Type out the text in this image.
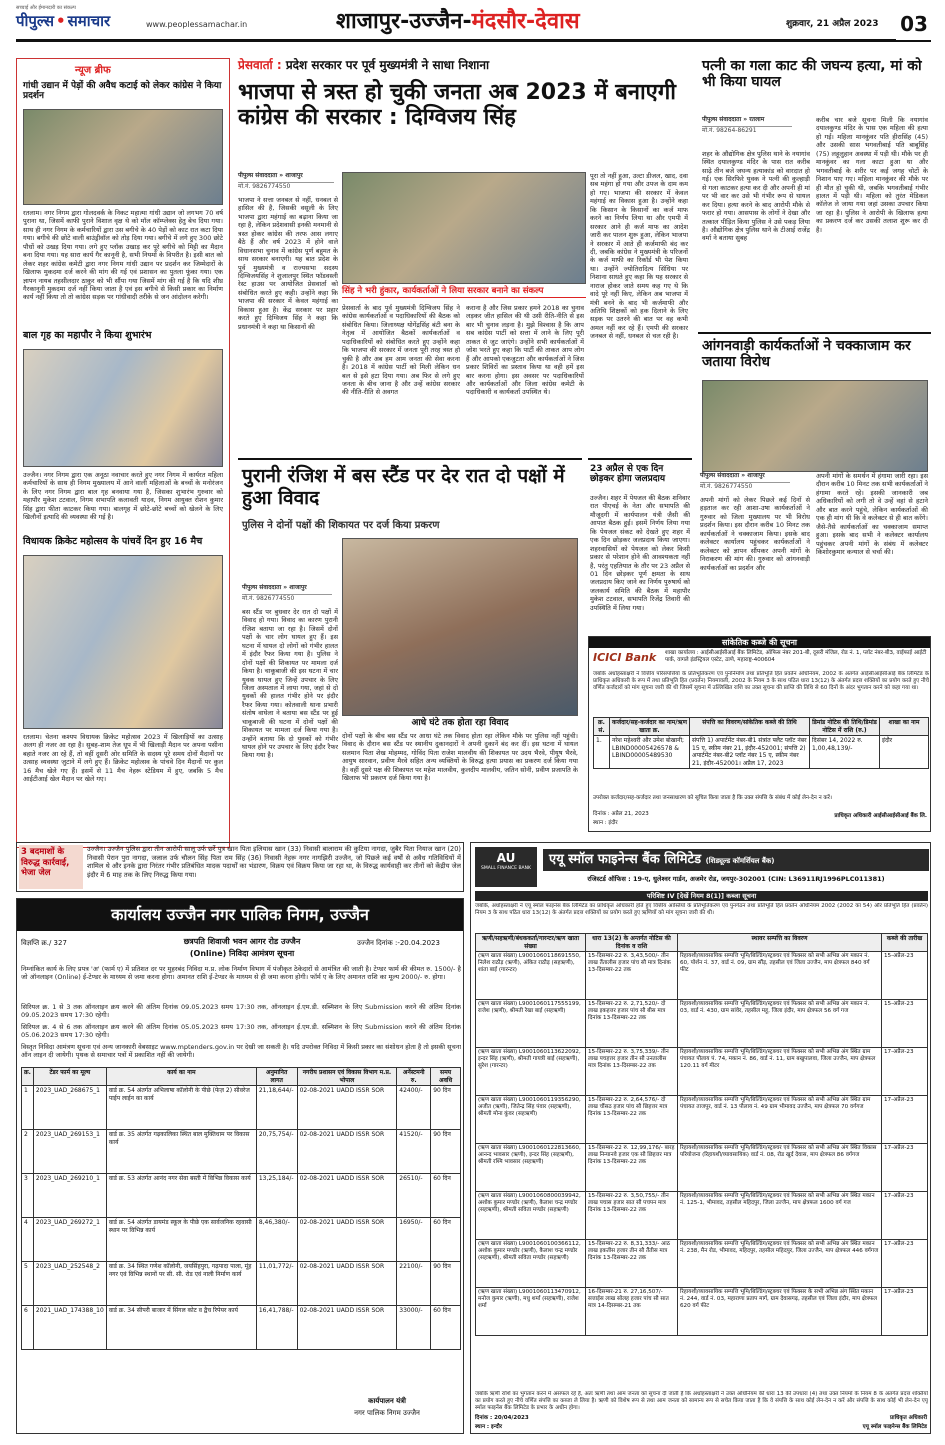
सच्चाई और ईमानदारी का संकल्प
पीपुल्स • समाचार	www.peoplessamachar.in	शाजापुर-उज्जैन-मंदसौर-देवास	शुक्रवार, 21 अप्रैल 2023 03
न्यूज ब्रीफ
गांधी उद्यान में पेड़ों की अवैध कटाई को लेकर कांग्रेस ने किया प्रदर्शन
रतलाम। नगर निगम द्वारा गोलदवर्क के निकट महात्मा गांधी उद्यान जो लगभग 70 वर्ष पुराना था, जिसमें काफी पुराने विशाल वृक्ष थे को मॉल कॉम्प्लेक्स हेतु बेच दिया गया। साथ ही नगर निगम के कर्मचारियों द्वारा उस बगीचे के 40 पेड़ों को काट रात कटा दिया गया। बगीचे की छोटे वाली बाउंड्रीवॉल को तोड़ दिया गया। बगीचे में लगे हुए 300 छोटे पौधों को उखड़ दिया गया। लगे हुए प्लॉक उखाड़ कर पूरे बगीचे को मिट्टी का मैदान बना दिया गया। यह सारा कार्य गैर कानूनी है, सभी नियमों के विपरीत है। इसी बात को लेकर शहर कांग्रेस कमेटी द्वारा नगर निगम गांधी उद्यान पर प्रदर्शन कर जिम्मेदारों के खिलाफ मुकदमा दर्ज करने की मांग की गई एवं प्रशासन का पुतला फूंका गया। एक ज्ञापन नायब तहसीलदार ठाकुर को भी सौंपा गया जिसमें मांग की गई है कि यदि शीघ्र गैरकानूनी मुकदमा दर्ज नहीं किया जाता है एवं इस बगीचे से किसी प्रकार का निर्माण कार्य नहीं किया तो तो कांग्रेस सड़क पर गांधीवादी तरीके से जन आंदोलन करेगी।
बाल गृह का महापौर ने किया शुभारंभ
उज्जैन। नगर निगम द्वारा एक अनूठा नवाचार करते हुए नगर निगम में कार्यरत महिला कर्मचारियों के साथ ही निगम मुख्यालय में आने वाली महिलाओं के बच्चों के मनोरंजन के लिए नगर निगम द्वारा बाल गृह बनवाया गया है, जिसका शुभारंभ गुरुवार को महापौर मुकेश टटवाल, निगम सभापति कलावती यादव, निगम आयुक्त रोशन कुमार सिंह द्वारा फीता काटकर किया गया। बालगृह में छोटे-छोटे बच्चों को खेलने के लिए खिलौनों इत्यादि की व्यवस्था की गई है।
विधायक क्रिकेट महोत्सव के पांचवें दिन हुए 16 मैच
रतलाम। चेतना कश्यप विधायक क्रिकेट महोत्सव 2023 में खिलाड़ियों का उत्साह अलग ही नजर आ रहा है। सुबह-शाम तेज धूप में भी खिलाड़ी मैदान पर अपना पसीना बहाते नजर आ रहे हैं, तो वहीं दूसरी ओर समिति के सदस्य पूरे समय दोनों मैदानों पर उत्साह व्यवस्था जुटाने में लगे हुए हैं। क्रिकेट महोत्सव के पांचवे दिन मैदानों पर कुल 16 मैच खेले गए हैं। इसमें से 11 मैच नेहरू स्टेडियम में हुए, जबकि 5 मैच आईटीआई खेल मैदान पर खेले गए।
प्रेसवार्ता : प्रदेश सरकार पर पूर्व मुख्यमंत्री ने साधा निशाना
भाजपा से त्रस्त हो चुकी जनता अब 2023 में बनाएगी कांग्रेस की सरकार : दिग्विजय सिंह
पीपुल्स संवाददाता » शाजापुर
मो.नं. 9826774550
भाजपा ने सत्ता जनबल से नहीं, धनबल से हासिल की है, जिसकी वसूली के लिए भाजपा द्वारा महंगाई का बढ़ाना किया जा रहा है, लेकिन प्रदेशवासी इनकी मनमानी से त्रस्त होकर कांग्रेस की तरफ आस लगाए बैठे हैं और वर्ष 2023 में होने वाले विधानसभा चुनाव में कांग्रेस पूर्ण बहुमत के साथ सरकार बनाएगी। यह बात प्रदेश के पूर्व मुख्यमंत्री व राज्यसभा सदस्य दिग्विजयसिंह ने शुजालपुर स्थित फॉडवस्ली रेस्ट हाउस पर आयोजित प्रेसवार्ता को संबोधित करते हुए कही। उन्होंने कहा कि भाजपा की सरकार में केवल महंगाई का विकास हुआ है। केंद्र सरकार पर प्रहार करते हुए दिग्विजय सिंह ने कहा कि प्रधानमंत्री ने कहा था किसानों की
सिंह ने भरी हुंकार, कार्यकर्ताओं ने लिया सरकार बनाने का संकल्प
प्रेसवार्ता के बाद पूर्व मुख्यमंत्री दिग्विजय सिंह ने कांग्रेस कार्यकर्ताओं व पदाधिकारियों की बैठक को संबोधित किया। जिलाध्यक्ष योगेंद्रसिंह बंटी बना के नेतृत्व में आयोजित बैठकों कार्यकर्ताओं व पदाधिकारियों को संबोधित करते हुए उन्होंने कहा कि भाजपा की सरकार में जनता पूरी तरह त्रस्त हो चुकी है और अब हम आम जनता की सेवा करना है। 2018 में कांग्रेस पार्टी को मिली लेकिन धन बल से इसे हटा दिया गया। अब फिर से लगे हुए जनता के बीच जाना है और उन्हें कांग्रेस सरकार की नीति-रीति से अवगत
कराना है और जिस प्रकार हमने 2018 का चुनाव लड़कर जीत हासिल की थी उसी रीति-नीति से इस बार भी चुनाव लड़ना है। मुझे विश्वास है कि आप सब कांग्रेस पार्टी को सत्ता में लाने के लिए पूरी ताकत से जुट जाएंगे। उन्होंने सभी कार्यकर्ताओं में जोश भरते हुए कहा कि पार्टी की ताकत आप लोग हैं और आपको एकजुटता और कार्यकर्ताओं ने जिस प्रकार शिविरों का प्रस्ताव किया था वही हमें इस बार करना होगा। इस अवसर पर पदाधिकारियों और कार्यकर्ताओं और जिला कांग्रेस कमेटी के पदाधिकारी व कार्यकर्ता उपस्थित थे।
पूरा तो नहीं हुआ, उल्टा डीजल, खाद, दवा सब महंगा हो गया और उपज के दाम कम हो गए। भाजपा की सरकार में केवल महंगाई का विकास हुआ है। उन्होंने कहा कि किसान के किसानों का कर्ज माफ करने का निर्णय लिया था और एमपी में सरकार आने ही कर्ज माफ का आदेश जारी कर पालन शुरू हुआ, लेकिन भाजपा ने सरकार में आते ही कर्जमाफी बंद कर दी, जबकि कांग्रेस ने मुख्यमंत्री के परिजनों के कर्ज माफी का रिकॉर्ड भी पेश किया था। उन्होंने ज्योतिरादित्य सिंधिया पर निशाना साधते हुए कहा कि यह सरकार से नाराज होकर जाते समय कह गए थे कि वादे पूरे नहीं किए, लेकिन अब भाजपा में मंत्री बनने के बाद भी कर्जमाफी और अतिथि शिक्षकों को हक दिलाने के लिए सड़क पर उतरने की बात पर वह कभी अमल नहीं कर रहे हैं। एमपी की सरकार जनबल से नहीं, धनबल से चल रही है।
पत्नी का गला काट की जघन्य हत्या, मां को भी किया घायल
पीपुल्स संवाददाता » रतलाम
मो.नं. 98264-86291
शहर के औद्योगिक क्षेत्र पुलिस थाने के नयागांव स्थित दयालकुण्ड मंदिर के पास रात करीब साढ़े तीन बजे जघन्य हत्याकांड को वारदात हो गई। एक सिरफिरे युवक ने पत्नी की कुल्हाड़ी से गला काटकर हत्या कर दी और अपनी ही मां पर भी वार कर उसे भी गंभीर रूप से घायल कर दिया। हत्या करने के बाद आरोपी मौके से फरार हो गया। आसपास के लोगों ने देखा और तत्काल पीड़ित किया पुलिस ने उसे पकड़ लिया है। औद्योगिक क्षेत्र पुलिस थाने के टीआई राजेंद्र वर्मा ने बताया सुबह
करीब चार बजे सूचना मिली कि नयागांव दयालकुण्ड मंदिर के पास एक महिला की हत्या हो गई। महिला मानकुंवर पति हीरासिंह (45) और उसकी सास भगवतीबाई पति बाबूसिंह (75) लहूलुहान अवस्था में पड़ी थी। मौके पर ही मानकुंवर का गला काटा हुआ था और भगवतीबाई के शरीर पर कई जगह चोटों के निशान पाए गए। महिला मानकुंवर की मौके पर ही मौत हो चुकी थी, जबकि भगवतीबाई गंभीर हालत में पड़ी थी। महिला को तुरंत मेडिकल कॉलेज ले जाया गया जहां उसका उपचार किया जा रहा है। पुलिस ने आरोपी के खिलाफ हत्या का प्रकरण दर्ज कर उसकी तलाश शुरू कर दी है।
आंगनवाड़ी कार्यकर्ताओं ने चक्काजाम कर जताया विरोध
पुरानी रंजिश में बस स्टैंड पर देर रात दो पक्षों में हुआ विवाद
पुलिस ने दोनों पक्षों की शिकायत पर दर्ज किया प्रकरण
पीपुल्स संवाददाता » शाजापुर
मो.नं. 9826774550
बस स्टैंड पर बुधवार देर रात दो पक्षों में विवाद हो गया। विवाद का कारण पुरानी रंजिश बताया जा रहा है। जिसमें दोनों पक्षों के चार लोग घायल हुए हैं। इस घटना में घायल दो लोगों को गंभीर हालत में इंदौर रैफर किया गया है। पुलिस ने दोनों पक्षों की शिकायत पर मामला दर्ज किया है। चाकूबाजी की इस घटना में चार युवक घायल हुए जिन्हें उपचार के लिए जिला अस्पताल में लाया गया, जहां से दो युवकों की हालत गंभीर होने पर इंदौर रैफर किया गया। कोतवाली थाना प्रभारी संतोष वाघेला ने बताया बस स्टैंड पर हुई चाकूबाजी की घटना में दोनों पक्षों की शिकायत पर मामला दर्ज किया गया है। उन्होंने बताया कि दो युवकों को गंभीर घायल होने पर उपचार के लिए इंदौर रैफर किया गया है।
आधे घंटे तक होता रहा विवाद
दोनों पक्षों के बीच बस स्टैंड पर आधा घंटे तक विवाद होता रहा लेकिन मौके पर पुलिस नहीं पहुंची। विवाद के दौरान बस स्टैंड पर स्थानीय दुकानदारों ने अपनी दुकानें बंद कर दीं। इस घटना में घायल सलमान पिता शेख मोहम्मद, गोविंद पिता राजेश मालवीय की शिकायत पर उदय भैरवे, पीयूष भैरवे, आयुष सारवान, प्रवीण मैरवे सहित अन्य व्यक्तियों के विरुद्ध हत्या प्रयास का प्रकरण दर्ज किया गया है। वहीं दूसरे पक्ष की शिकायत पर महेश मालवीय, कुलदीप मालवीय, जतिन सोनी, प्रवीण प्रजापति के खिलाफ भी प्रकरण दर्ज किया गया है।
23 अप्रैल से एक दिन छोड़कर होगा जलप्रदाय
उज्जैन। शहर में पेयजल की बैठक शनिवार रात पीएचई के नेता और सभापति की मौजूदगी में कार्यपालन यंत्री जैसी की आपात बैठक हुई। इसमें निर्णय लिया गया कि पेयजल संकट को देखते हुए शहर में एक दिन छोड़कर जलप्रदाय किया जाएगा। शहरवासियों को पेयजल को लेकर किसी प्रकार से परेशान होने की आवश्यकता नहीं है, परंतु एहतियात के तौर पर 23 अप्रैल से 01 दिन छोड़कर पूर्ण क्षमता के साथ जलप्रदाय किए जाने का निर्णय पुरुषार्थ को जलकार्य समिति की बैठक में महापौर मुकेश टटवाल, सभापति रिजेंद्र तिवारी की उपस्थिति में लिया गया।
पीपुल्स संवाददाता » शाजापुर
मो.नं. 9826774550
अपनी मांगों को लेकर पिछले कई दिनों से हड़ताल कर रही आशा-उषा कार्यकर्ताओं ने गुरुवार को जिला मुख्यालय पर भी विरोध प्रदर्शन किया। इस दौरान करीब 10 मिनट तक कार्यकर्ताओं ने चक्काजाम किया। इसके बाद कलेक्टर कार्यालय पहुंचकर कार्यकर्ताओं ने कलेक्टर को ज्ञापन सौंपकर अपनी मांगों के निराकरण की मांग की। गुरुवार को आंगनवाड़ी कार्यकर्ताओं का प्रदर्शन और
अपनी मांगों के समर्थन में हंगामा जारी रहा। इस दौरान करीब 10 मिनट तक सभी कार्यकर्ताओं ने हंगामा करते रहे। इसकी जानकारी जब अधिकारियों को लगी तो वे उन्हें वहां से हटाने और बात करने पहुंचे, लेकिन कार्यकर्ताओं की एक ही मांग थी कि वे कलेक्टर से ही बात करेंगे। जैसे-तैसे कार्यकर्ताओं का चक्काजाम समाप्त हुआ। इसके बाद सभी ने कलेक्टर कार्यालय पहुंचकर अपनी मांगों के संबंध में कलेक्टर किशोरकुमार कन्याल से चर्चा की।
सांकेतिक कब्जे की सूचना
ICICI Bank शाखा कार्यालय : आईसीआईसीआई बैंक लिमिटेड, ऑफिस नंबर 201-बी, दूसरी मंजिल, रोड नं. 1, प्लॉट नंबर-बी3, वाईफाई आईटी पार्क, वागले इंडस्ट्रियल एस्टेट, ठाणे, महाराष्ट्र-400604
जबकि अधोहस्ताक्षरी ने वित्तीय परिसंपत्तियों के प्रतिभूतिकरण एवं पुनर्निर्माण तथा प्रतिभूति हित प्रवर्तन अधिनियम, 2002 के अंतर्गत आईसीआईसीआई बैंक लिमिटेड के प्राधिकृत अधिकारी के रूप में तथा प्रतिभूति हित (प्रवर्तन) नियमावली, 2002 के नियम 3 के साथ पठित धारा 13(12) के अंतर्गत प्रदत्त शक्तियों का प्रयोग करते हुए नीचे वर्णित कर्जदारों को मांग सूचना जारी की थी जिसमें सूचना में उल्लिखित राशि का उक्त सूचना की प्राप्ति की तिथि से 60 दिनों के अंदर भुगतान करने को कहा गया था।
क्र. सं.	कर्जदार/सह-कर्जदार का नाम/ऋण खाता क्र.	संपत्ति का विवरण/सांकेतिक कब्जे की तिथि	डिमांड नोटिस की तिथि/डिमांड नोटिस में राशि (रु.)	शाखा का नाम
1.	नरेश महेश्वरी और उमेश बोखानी; LBIND00005426578 & LBIND00005489530	संपत्ति 1) अपार्टमेंट नंबर-बी1 संत्रांत फ्लैट प्लॉट नंबर 15 ए, स्कीम नंबर 21, इंदौर-452001; संपत्ति 2) अपार्टमेंट नंबर-बी2 प्लॉट नंबर 15 ए, स्कीम नंबर 21, इंदौर-452001। अप्रैल 17, 2023	दिसंबर 14, 2022 रु. 1,00,48,139/-	इंदौर
उपरोक्त कर्जदार/सह-कर्जदार तथा जनसाधारण को सूचित किया जाता है कि उक्त संपत्ति के संबंध में कोई लेन-देन न करें।
दिनांक : अप्रैल 21, 2023
स्थान : इंदौर
प्राधिकृत अधिकारी आईसीआईसीआई बैंक लि.
3 बदमाशों के विरुद्ध कार्रवाई, भेजा जेल
उज्जैन। उज्जैन पुलिस द्वारा तीन आरोपी सालू उर्फ छर्रे पुत्र खान पिता इलियास खान (33) निवासी बालाराम की कुटिया नागदा, जुबैर पिता नियाज खान (20) निवासी पेरान पुरा नागदा, जलाल उर्फ चौलन सिंह पिता राम सिंह (36) निवासी नेहरू नगर नागझिरी उज्जैन, जो पिछले कई वर्षों से अवैध गतिविधियों में शामिल थे और इनके द्वारा निरंतर गंभीर प्रतिबंधित मादक पदार्थों का भंडारण, विक्रय एवं विक्रय किया जा रहा था, के विरुद्ध कार्यवाही कर तीनों को केंद्रीय जेल इंदौर में 6 माह तक के लिए निरुद्ध किया गया।
कार्यालय उज्जैन नगर पालिक निगम, उज्जैन
विज्ञप्ति क्र./ 327	छत्रपति शिवाजी भवन आगर रोड उज्जैन
(Online) निविदा आमंत्रण सूचना
उज्जैन दिनांक :-20.04.2023
निम्नांकित कार्य के लिए प्रपत्र 'अ' (फार्म ए) में प्रतिशत दर पर मुहरबंद निविदा म.प्र. लोक निर्माण विभाग में पंजीकृत ठेकेदारों से आमंत्रित की जाती है। टेण्डर फार्म की कीमत रु. 1500/- है जो ऑनलाइन (Online) ई-टेण्डर के माध्यम से जमा करना होगा। अमानत राशि ई-टेण्डर के माध्यम से ही जमा करना होगी। फॉर्म ए के लिए अमानत राशि का मूल्य 2000/- रु. होगा।
सिरियल क्र. 1 से 3 तक ऑनलाइन क्रय करने की अंतिम दिनांक 09.05.2023 समय 17:30 तक, ऑनलाइन ई.एम.डी. सब्मिशन के लिए Submission करने की अंतिम दिनांक 09.05.2023 समय 17:30 रहेगी।
सिरियल क्र. 4 से 6 तक ऑनलाइन क्रय करने की अंतिम दिनांक 05.05.2023 समय 17:30 तक, ऑनलाइन ई.एम.डी. सब्मिशन के लिए Submission करने की अंतिम दिनांक 05.06.2023 समय 17:30 रहेगी।
विस्तृत निविदा आमंत्रण सूचना एवं अन्य जानकारी वेबसाइट www.mptenders.gov.in पर देखी जा सकती है। यदि उपरोक्त निविदा में किसी प्रकार का संशोधन होता है तो इसकी सूचना ऑन लाइन दी जायेगी। पृथक से समाचार पत्रों में प्रकाशित नहीं की जायेगी।
क्र.	टेंडर फार्म का मूल्य	कार्य का नाम	अनुमानित लागत	नगरीय प्रशासन एवं विकास विभाग म.प्र. भोपाल	अर्नेस्टमनी रु.	समय अवधि
1	2023_UAD_268675_1	वार्ड क्र. 54 अंतर्गत अभिलाषा कॉलोनी के पीछे (फेज़ 2) सीवरेज पाईप लाईन का कार्य	21,18,644/-	02-08-2021 UADD ISSR SOR	42400/-	90 दिन
2	2023_UAD_269153_1	वार्ड क्र. 35 अंतर्गत गढ़कालिका स्थित बाल मुक्तिधाम पर विकास कार्य	20,75,754/-	02-08-2021 UADD ISSR SOR	41520/-	90 दिन
3	2023_UAD_269210_1	वार्ड क्र. 53 अंतर्गत आनंद नगर सेवा बस्ती में विभिन्न विकास कार्य	13,25,184/-	02-08-2021 UADD ISSR SOR	26510/-	60 दिन
4	2023_UAD_269272_1	वार्ड क्र. 54 अंतर्गत डायमंड स्कूल के पीछे एक सार्वजनिक रहवासी स्थान पर विभिन्न कार्य	8,46,380/-	02-08-2021 UADD ISSR SOR	16950/-	60 दिन
5	2023_UAD_252548_2	वार्ड क्र. 34 स्थित गणेश कॉलोनी, जयसिंहपुरा, गढ़पादा पाला, मूंह नगर एवं विभिन्न स्थानों पर सी. सी. रोड एवं नाली निर्माण कार्य	11,01,772/-	02-08-2021 UADD ISSR SOR	22100/-	90 दिन
6	2021_UAD_174388_10	वार्ड क्र. 34 सीपरी बाजार में सिंगल कोट व द्वैच रिपेयर कार्य	16,41,788/-	02-08-2021 UADD ISSR SOR	33000/-	60 दिन
कार्यपालन यंत्री
नगर पालिक निगम उज्जैन
AU
SMALL FINANCE BANK
एयू स्मॉल फाइनेन्स बैंक लिमिटेड (शिड्यूल्ड कॉमर्शियल बैंक)
रजिस्टर्ड ऑफिस : 19-ए, धुलेश्वर गार्डन, अजमेर रोड, जयपुर-302001 (CIN: L36911RJ1996PLC011381)
परिशिष्ट IV [देखें नियम 8(1)] कब्जा सूचना
जबकि, अधोहस्ताक्षरी ने एयू स्मॉल फाइनेंस बैंक लिमिटेड का प्राधिकृत अधिकारी होते हुए वित्तीय आस्तियों के प्रतिभूतिकरण एवं पुनर्गठन तथा प्रतिभूति हित प्रवर्तन अधिनियम 2002 (2002 का 54) और प्रतिभूति हित (प्रवर्तन) नियम 3 के साथ पठित धारा 13(12) के अंतर्गत प्रदत्त शक्तियों का प्रयोग करते हुए ऋणियों को मांग सूचना जारी की थी।
ऋणी/सहऋणी/बंधककर्ता/गारन्टर/ऋण खाता संख्या	धारा 13(2) के अन्तर्गत नोटिस की दिनांक व राशि	स्थावर सम्पत्ति का विवरण	कब्जे की तारीख
(ऋण खाता संख्या) L9001060118691550, निलेश राठौड़ (ऋणी), अंकित राठौड़ (सहऋणी), शांता बाई (गारन्टर)	15-दिसम्बर-22 रु. 3,43,500/- तीन लाख तैंतालीस हजार पांच सौ मात्र दिनांक 13-दिसम्बर-22 तक	रिहायशी/व्यावसायिक सम्पत्ति भूमि/बिल्डिंग/स्ट्रक्चर एवं फिक्सर को सभी अभिन्न अंग मकान नं. 60, पोर्शन नं. 37, वार्ड नं. 09, ग्राम सौंड़, तहसील एवं जिला उज्जैन, माप क्षेत्रफल 840 वर्ग फीट	15-अप्रैल-23
(ऋण खाता संख्या) L9001060117555199, राजेश (ऋणी), श्रीमती रेखा बाई (सहऋणी)	15-दिसम्बर-22 रु. 2,71,520/- दो लाख इकहत्तर हजार पांच सौ बीस मात्र दिनांक 13-दिसम्बर-22 तक	रिहायशी/व्यावसायिक सम्पत्ति भूमि/बिल्डिंग/स्ट्रक्चर एवं फिक्सर को सभी अभिन्न अंग मकान नं. 03, वार्ड नं. 430, ग्राम सांवेर, तहसील महू, जिला इंदौर, माप क्षेत्रफल 56 वर्ग गज	15-अप्रैल-23
(ऋण खाता संख्या) L9001060113622092, इन्दर सिंह (ऋणी), श्रीमती गायत्री बाई (सहऋणी), सुरेश (गारन्टर)	15-दिसम्बर-22 रु. 3,75,339/- तीन लाख पचहत्तर हजार तीन सौ उनतालीस मात्र दिनांक 13-दिसम्बर-22 तक	रिहायशी/व्यावसायिक सम्पत्ति भूमि/बिल्डिंग/स्ट्रक्चर एवं फिक्सर को सभी अभिन्न अंग स्थित ग्राम पंचायत पौलाय पं. 74, मकान नं. 86, वार्ड नं. 11, ग्राम बखुपालवा, जिला उज्जैन, माप क्षेत्रफल 120.11 वर्ग मीटर	17-अप्रैल-23
(ऋण खाता संख्या) L9001060119356290, अजीत (ऋणी), जितेन्द्र सिंह पंवार (सहऋणी), श्रीमती मोना कुंवर (सहऋणी)	15-दिसम्बर-22 रु. 2,64,576/- दो लाख चौंसठ हजार पांच सौ छिहत्तर मात्र दिनांक 13-दिसम्बर-22 तक	रिहायशी/व्यावसायिक सम्पत्ति भूमि/बिल्डिंग/स्ट्रक्चर एवं फिक्सर को सभी अभिन्न अंग स्थित ग्राम पंचायत ताजपुर, वार्ड नं. 13 पौलाय नं. 49 ग्राम भीमावद उज्जैन, माप क्षेत्रफल 70 वर्गगज	17-अप्रैल-23
(ऋण खाता संख्या) L9001060122813660, आनन्द भावसार (ऋणी), इन्दर सिंह (सहऋणी), श्रीमती रश्मि भावसार (सहऋणी)	15-दिसम्बर-22 रु. 12,99,176/- बारह लाख निन्यानवे हजार एक सौ छिहत्तर मात्र दिनांक 13-दिसम्बर-22 तक	रिहायशी/व्यावसायिक सम्पत्ति भूमि/बिल्डिंग/स्ट्रक्चर एवं फिक्सर को सभी अभिन्न अंग स्थित विकास परियोजना (रिहायशी/व्यावसायिक) वार्ड नं. 08, रोड खुर्द देवास, माप क्षेत्रफल 86 वर्गगज	17-अप्रैल-23
(ऋण खाता संख्या) L9001060800039942, अशोक कुमार मण्डोर (ऋणी), कैलाश चन्द्र मण्डोर (सहऋणी), श्रीमती सविता मण्डोर (सहऋणी)	15-दिसम्बर-22 रु. 3,50,755/- तीन लाख पचास हजार सात सौ पचपन मात्र दिनांक 13-दिसम्बर-22 तक	रिहायशी/व्यावसायिक सम्पत्ति भूमि/बिल्डिंग/स्ट्रक्चर एवं फिक्सर को सभी अभिन्न अंग स्थित मकान नं. 125-1, भीमावद, तहसील महिदपुर, जिला उज्जैन, माप क्षेत्रफल 1600 वर्ग गज	17-अप्रैल-23
(ऋण खाता संख्या) L9001060100366112, अशोक कुमार मण्डोर (ऋणी), कैलाश चन्द्र मण्डोर (सहऋणी), श्रीमती सविता मण्डोर (सहऋणी)	15-दिसम्बर-22 रु. 8,31,333/- आठ लाख इकतीस हजार तीन सौ तैंतीस मात्र दिनांक 13-दिसम्बर-22 तक	रिहायशी/व्यावसायिक सम्पत्ति भूमि/बिल्डिंग/स्ट्रक्चर एवं फिक्सर को सभी अभिन्न अंग स्थित मकान नं. 238, मैन रोड, भीमावद, महिदपुर, तहसील महिदपुर, जिला उज्जैन, माप क्षेत्रफल 446 वर्गगज	17-अप्रैल-23
(ऋण खाता संख्या) L9001060113470912, मनोज कुमार (ऋणी), मधु शर्मा (सहऋणी), राजेश शर्मा	16-दिसम्बर-21 रु. 27,16,507/- सत्ताईस लाख सोलह हजार पांच सौ सात मात्र 14-दिसम्बर-21 तक	रिहायशी/व्यावसायिक सम्पत्ति भूमि/बिल्डिंग/स्ट्रक्चर एवं फिक्सर के सभी अभिन्न अंग स्थित मकान नं. 244, वार्ड नं. 03, महाराणा प्रताप मार्ग, ग्राम देवासगढ़, तहसील एवं जिला इंदौर, माप क्षेत्रफल 620 वर्ग फीट	17-अप्रैल-23
जबकि ऋणी राशि का भुगतान करने में असफल रहे हैं, अतः ऋणी तथा आम जनता को सूचना दी जाती है कि अधोहस्ताक्षरी ने उक्त अधिनियम की धारा 13 की उपधारा (4) तथा उक्त नियमों के नियम 8 के अंतर्गत प्रदत्त शक्तियों का प्रयोग करते हुए नीचे वर्णित संपत्ति का कब्जा ले लिया है। ऋणी को विशेष रूप से तथा आम जनता को सामान्य रूप से सचेत किया जाता है कि वे संपत्ति के साथ कोई लेन-देन न करें और संपत्ति के साथ कोई भी लेन-देन एयू स्मॉल फाइनेंस बैंक लिमिटेड के प्रभार के अधीन होगा।
दिनांक : 20/04/2023
स्थान : इन्दौर
प्राधिकृत अधिकारी
एयू स्मॉल फाइनेन्स बैंक लिमिटेड
